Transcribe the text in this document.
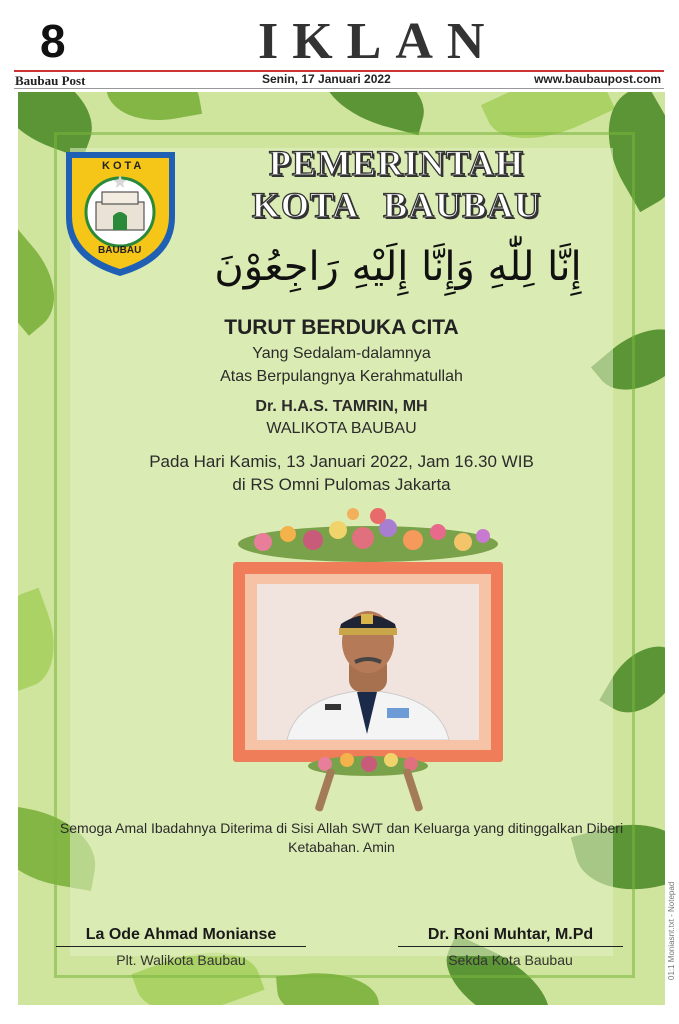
8	IKLAN
Baubau Post	Senin, 17 Januari 2022	www.baubaupost.com
KOTA
BAUBAU
PEMERINTAH
KOTA BAUBAU
إِنَّا لِلّٰهِ وَإِنَّا إِلَيْهِ رَاجِعُوْنَ
TURUT BERDUKA CITA
Yang Sedalam-dalamnya
Atas Berpulangnya Kerahmatullah
Dr. H.A.S. TAMRIN, MH
WALIKOTA BAUBAU
Pada Hari Kamis, 13 Januari 2022, Jam 16.30 WIB
di RS Omni Pulomas Jakarta
Semoga Amal Ibadahnya Diterima di Sisi Allah SWT dan Keluarga yang ditinggalkan Diberi Ketabahan. Amin
La Ode Ahmad Monianse
Plt. Walikota Baubau
Dr. Roni Muhtar, M.Pd
Sekda Kota Baubau	01:1 Moniasnt.txt - Notepad
